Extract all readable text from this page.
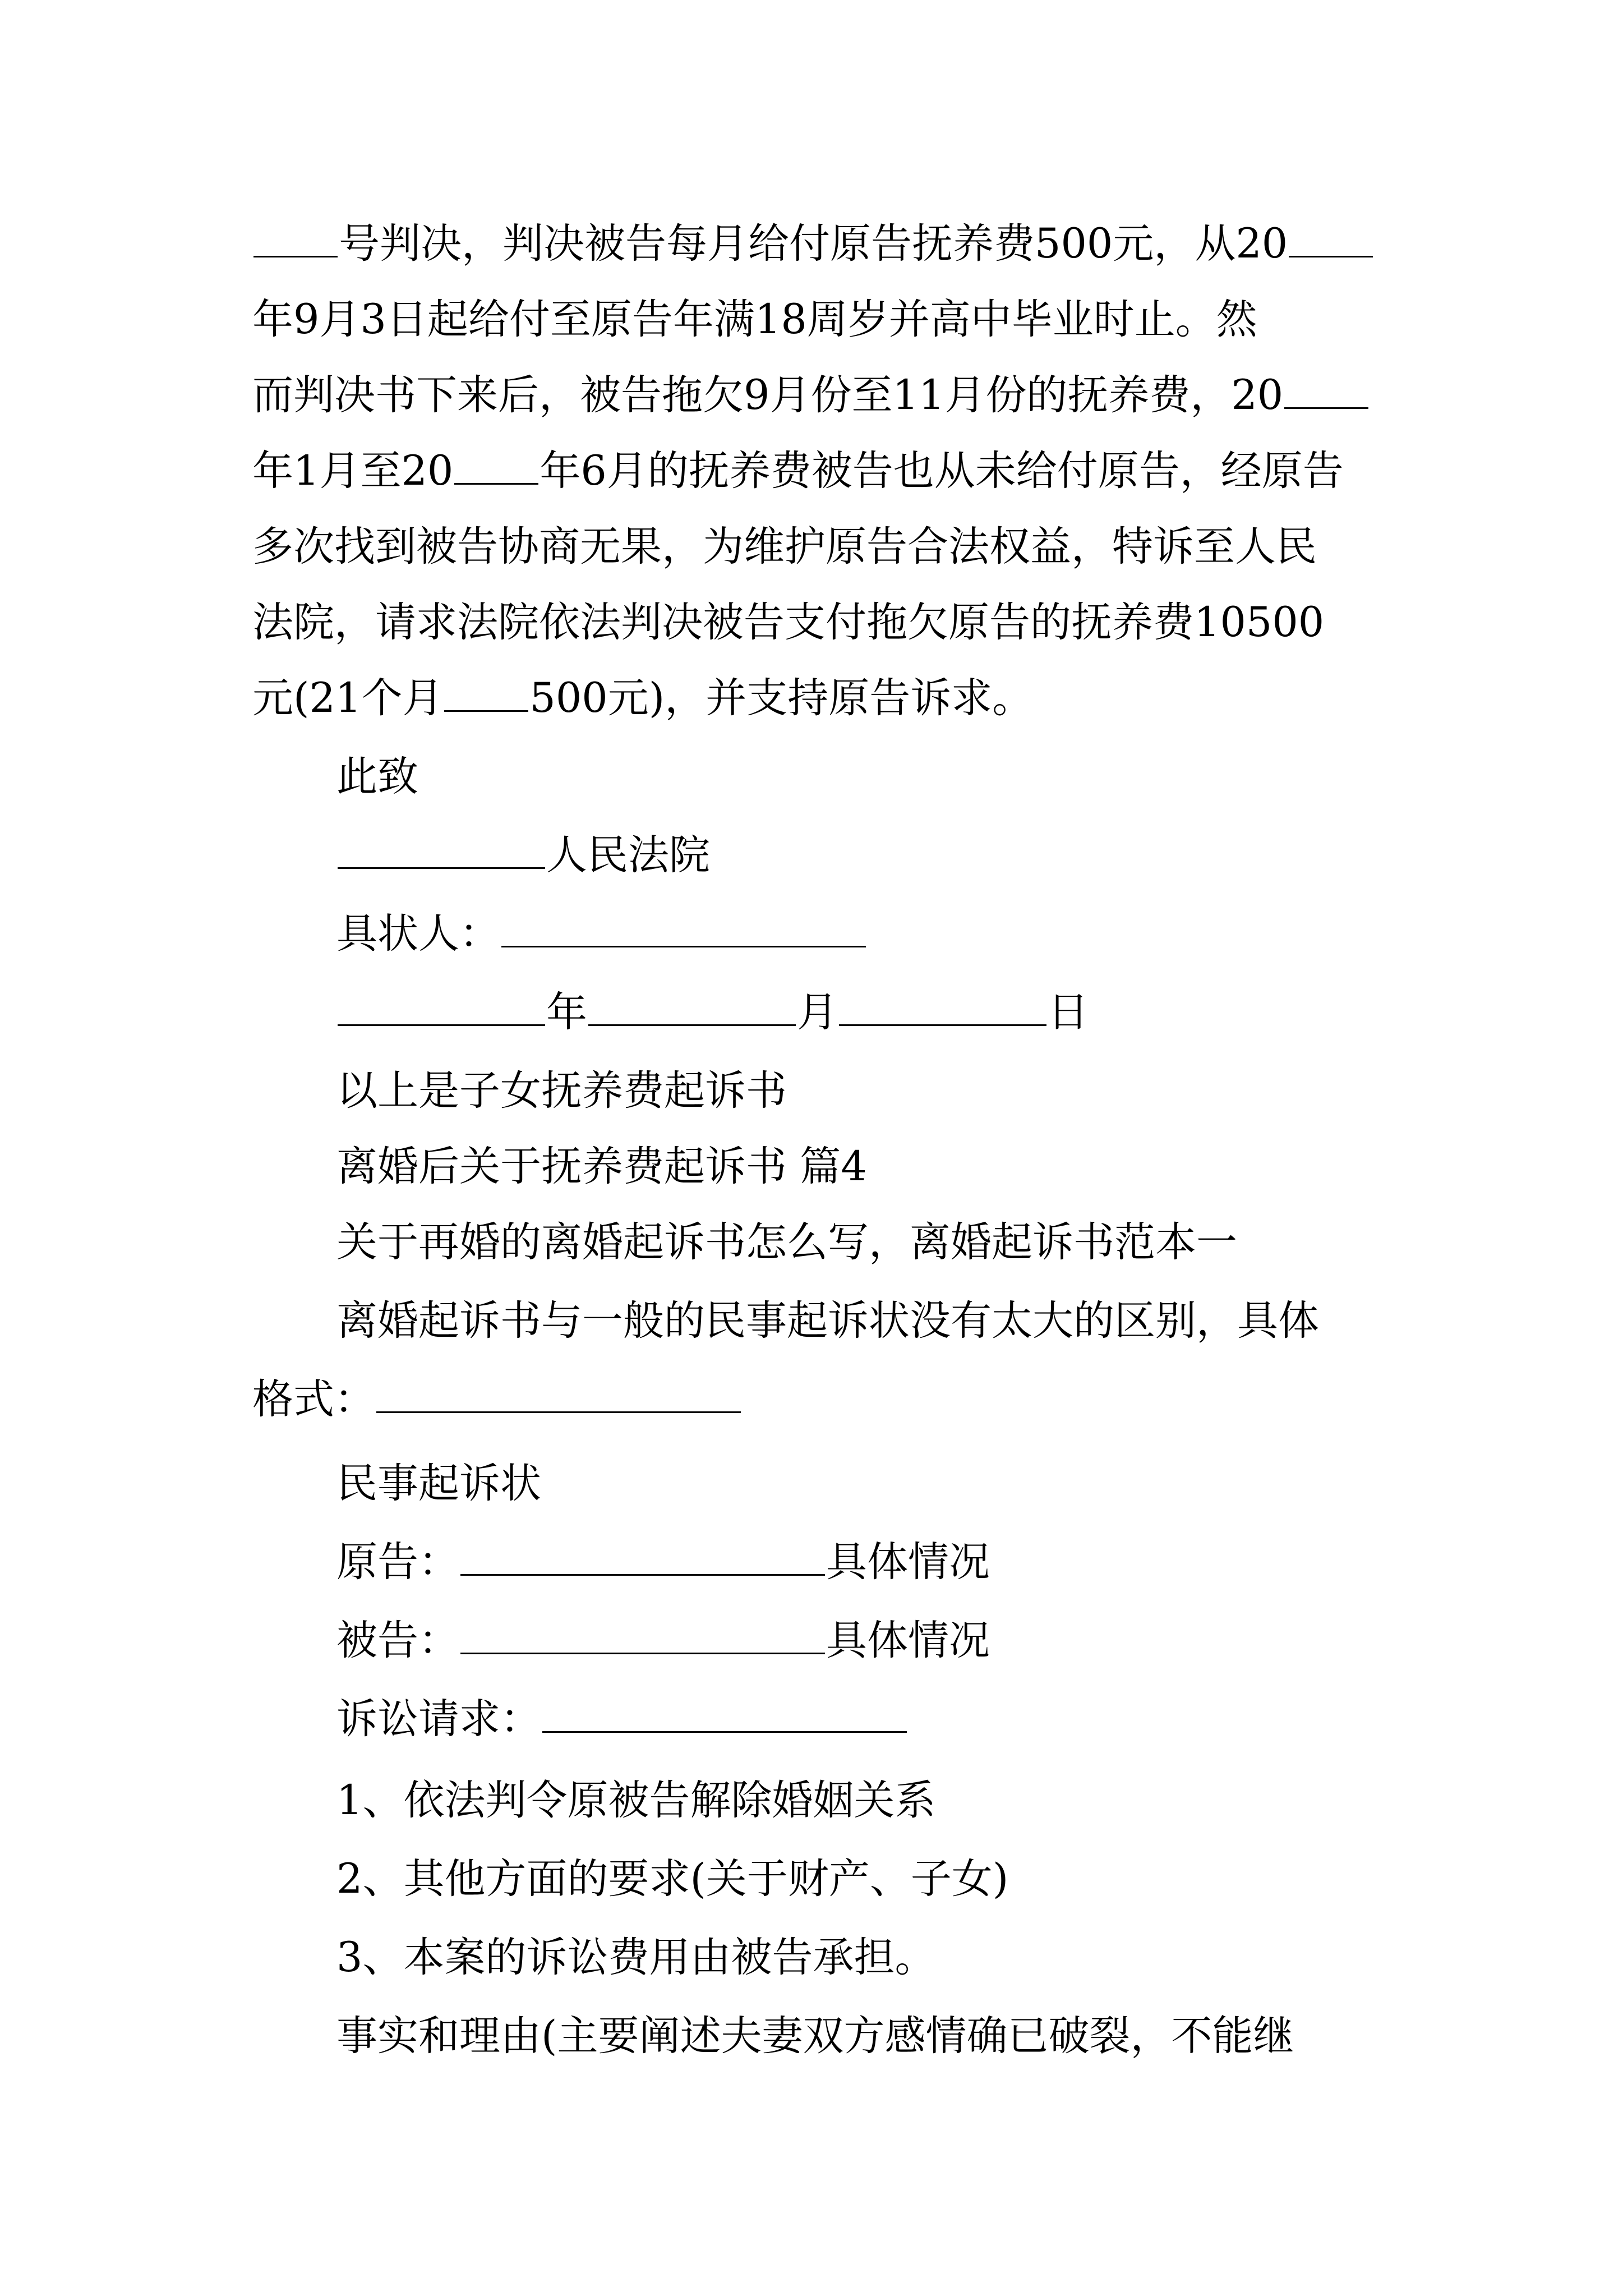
号判决，判决被告每月给付原告抚养费500元，从20
年9月3日起给付至原告年满18周岁并高中毕业时止。然
而判决书下来后，被告拖欠9月份至11月份的抚养费，20
年1月至20 年6月的抚养费被告也从未给付原告，经原告
多次找到被告协商无果，为维护原告合法权益，特诉至人民
法院，请求法院依法判决被告支付拖欠原告的抚养费10500
元(21个月 500元)，并支持原告诉求。
此致
人民法院
具状人：
年	月	日
以上是子女抚养费起诉书
离婚后关于抚养费起诉书 篇4
关于再婚的离婚起诉书怎么写，离婚起诉书范本一
离婚起诉书与一般的民事起诉状没有太大的区别，具体
格式：
民事起诉状
原告：	具体情况
被告：	具体情况
诉讼请求：
1、依法判令原被告解除婚姻关系
2、其他方面的要求(关于财产、子女)
3、本案的诉讼费用由被告承担。
事实和理由(主要阐述夫妻双方感情确已破裂，不能继
